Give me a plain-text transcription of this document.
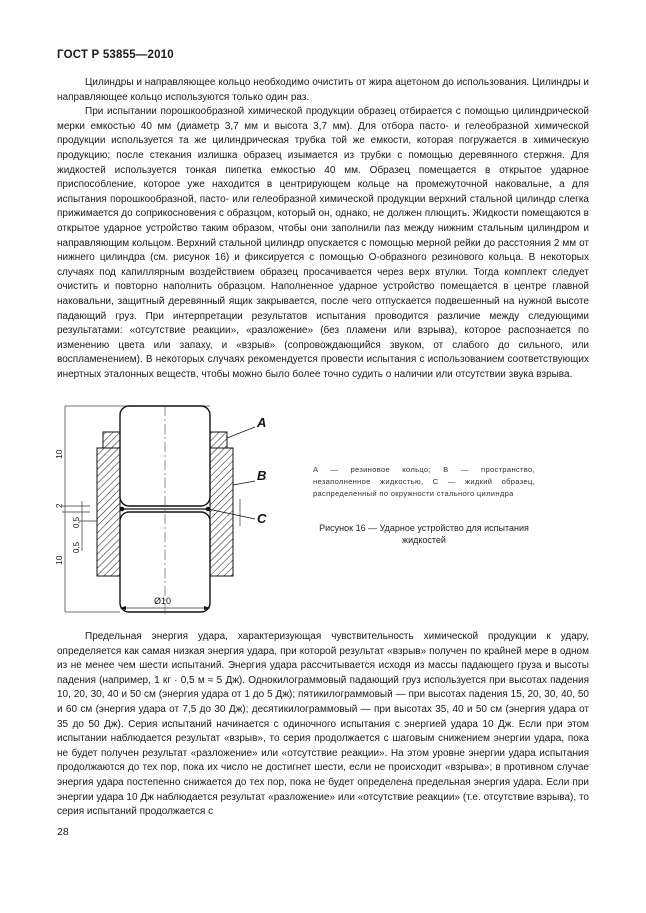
ГОСТ Р 53855—2010

Цилиндры и направляющее кольцо необходимо очистить от жира ацетоном до использования. Цилиндры и направляющее кольцо используются только один раз.

При испытании порошкообразной химической продукции образец отбирается с помощью цилиндрической мерки емкостью 40 мм (диаметр 3,7 мм и высота 3,7 мм). Для отбора пасто- и гелеобразной химической продукции используется та же цилиндрическая трубка той же емкости, которая погружается в химическую продукцию; после стекания излишка образец изымается из трубки с помощью деревянного стержня. Для жидкостей используется тонкая пипетка емкостью 40 мм. Образец помещается в открытое ударное приспособление, которое уже находится в центрирующем кольце на промежуточной наковальне, а для испытания порошкообразной, пасто- или гелеобразной химической продукции верхний стальной цилиндр слегка прижимается до соприкосновения с образцом, который он, однако, не должен плющить. Жидкости помещаются в открытое ударное устройство таким образом, чтобы они заполнили паз между нижним стальным цилиндром и направляющим кольцом. Верхний стальной цилиндр опускается с помощью мерной рейки до расстояния 2 мм от нижнего цилиндра (см. рисунок 16) и фиксируется с помощью О-образного резинового кольца. В некоторых случаях под капиллярным воздействием образец просачивается через верх втулки. Тогда комплект следует очистить и повторно наполнить образцом. Наполненное ударное устройство помещается в центре главной наковальни, защитный деревянный ящик закрывается, после чего отпускается подвешенный на нужной высоте падающий груз. При интерпретации результатов испытания проводится различие между следующими результатами: «отсутствие реакции», «разложение» (без пламени или взрыва), которое распознается по изменению цвета или запаху, и «взрыв» (сопровождающийся звуком, от слабого до сильного, или воспламенением). В некоторых случаях рекомендуется провести испытания с использованием соответствующих инертных эталонных веществ, чтобы можно было более точно судить о наличии или отсутствии звука взрыва.

A
B
C
10
2
0,5
10
0,5
Ø10
A — резиновое кольцо; B — пространство, незаполненное жидкостью, C — жидкий образец, распределенный по окружности стального цилиндра
Рисунок 16 — Ударное устройство для испытания жидкостей

Предельная энергия удара, характеризующая чувствительность химической продукции к удару, определяется как самая низкая энергия удара, при которой результат «взрыв» получен по крайней мере в одном из не менее чем шести испытаний. Энергия удара рассчитывается исходя из массы падающего груза и высоты падения (например, 1 кг · 0,5 м ≈ 5 Дж). Однокилограммовый падающий груз используется при высотах падения 10, 20, 30, 40 и 50 см (энергия удара от 1 до 5 Дж); пятикилограммовый — при высотах падения 15, 20, 30, 40, 50 и 60 см (энергия удара от 7,5 до 30 Дж); десятикилограммовый — при высотах 35, 40 и 50 см (энергия удара от 35 до 50 Дж). Серия испытаний начинается с одиночного испытания с энергией удара 10 Дж. Если при этом испытании наблюдается результат «взрыв», то серия продолжается с шаговым снижением энергии удара, пока не будет получен результат «разложение» или «отсутствие реакции». На этом уровне энергии удара испытания продолжаются до тех пор, пока их число не достигнет шести, если не происходит «взрыва»; в противном случае энергия удара постепенно снижается до тех пор, пока не будет определена предельная энергия удара. Если при энергии удара 10 Дж наблюдается результат «разложение» или «отсутствие реакции» (т.е. отсутствие взрыва), то серия испытаний продолжается с

28
